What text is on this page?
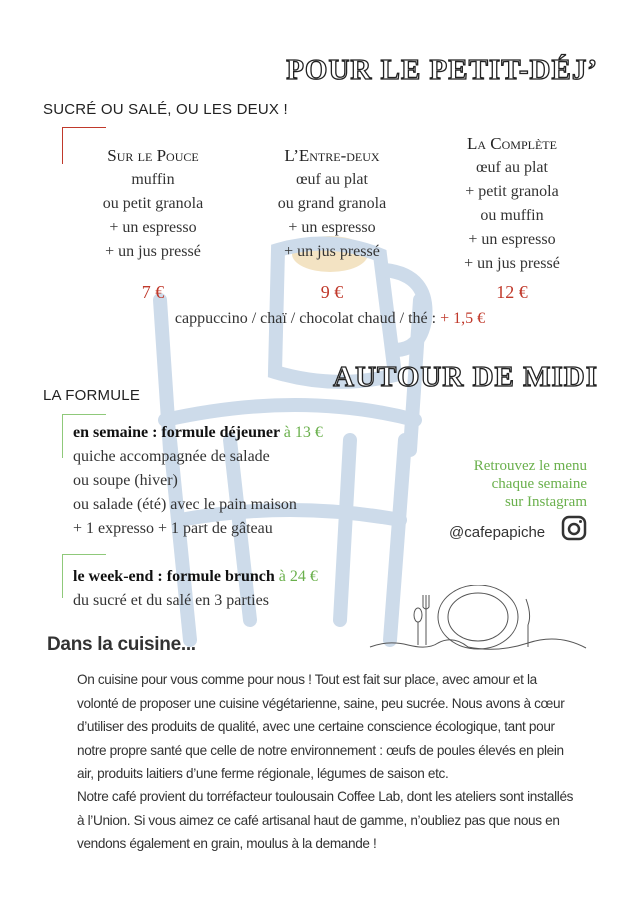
POUR LE PETIT-DÉJ’
SUCRÉ OU SALÉ, OU LES DEUX !
Sur le Pouce
muffin
ou petit granola
+ un espresso
+ un jus pressé
L’Entre-deux
œuf au plat
ou grand granola
+ un espresso
+ un jus pressé
La Complète
œuf au plat
+ petit granola
ou muffin
+ un espresso
+ un jus pressé
7 €	9 €	12 €
cappuccino / chaï / chocolat chaud / thé : + 1,5 €
AUTOUR DE MIDI
LA FORMULE
en semaine : formule déjeuner à 13 €
quiche accompagnée de salade
ou soupe (hiver)
ou salade (été) avec le pain maison
+ 1 expresso + 1 part de gâteau
le week-end : formule brunch à 24 €
du sucré et du salé en 3 parties
Retrouvez le menu
chaque semaine
sur Instagram
@cafepapiche
Dans la cuisine...
On cuisine pour vous comme pour nous ! Tout est fait sur place, avec amour et la volonté de proposer une cuisine végétarienne, saine, peu sucrée. Nous avons à cœur d’utiliser des produits de qualité, avec une certaine conscience écologique, tant pour notre propre santé que celle de notre environnement : œufs de poules élevés en plein air, produits laitiers d’une ferme régionale, légumes de saison etc.
Notre café provient du torréfacteur toulousain Coffee Lab, dont les ateliers sont installés à l’Union. Si vous aimez ce café artisanal haut de gamme, n’oubliez pas que nous en vendons également en grain, moulus à la demande !
